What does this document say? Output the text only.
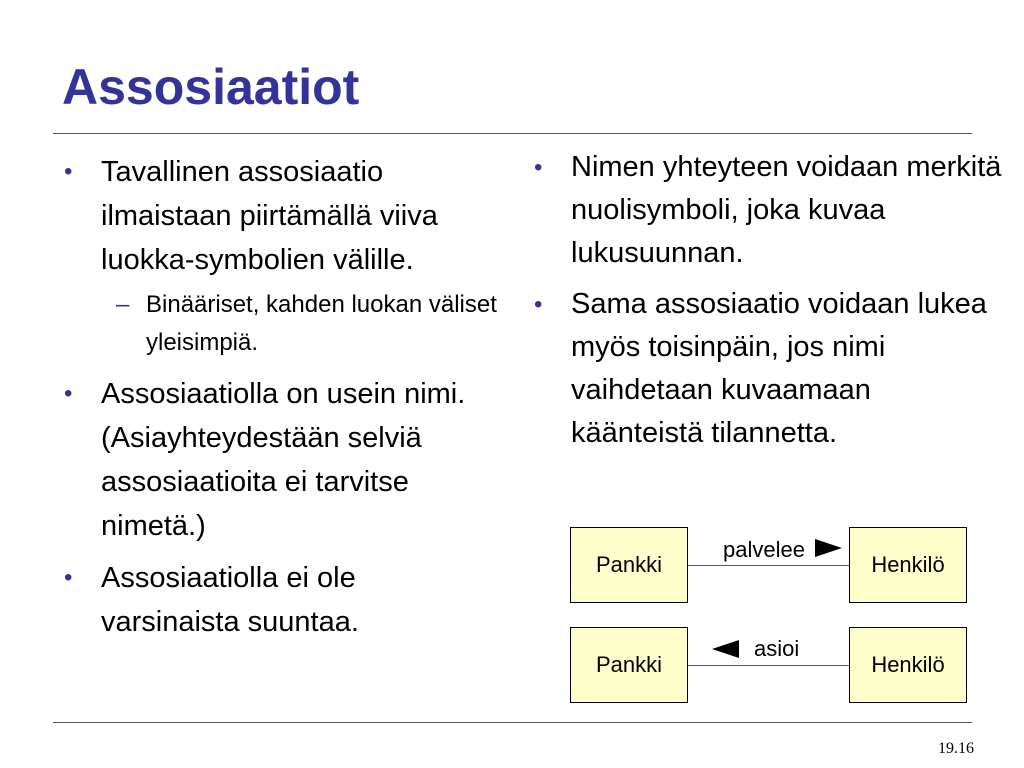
Assosiaatiot
• Tavallinen assosiaatio ilmaistaan piirtämällä viiva luokka-symbolien välille.
– Binääriset, kahden luokan väliset yleisimpiä.
• Assosiaatiolla on usein nimi. (Asiayhteydestään selviä assosiaatioita ei tarvitse nimetä.)
• Assosiaatiolla ei ole varsinaista suuntaa.
• Nimen yhteyteen voidaan merkitä nuolisymboli, joka kuvaa lukusuunnan.
• Sama assosiaatio voidaan lukea myös toisinpäin, jos nimi vaihdetaan kuvaamaan käänteistä tilannetta.
Pankki
palvelee
Henkilö
Pankki
asioi
Henkilö
19.16
